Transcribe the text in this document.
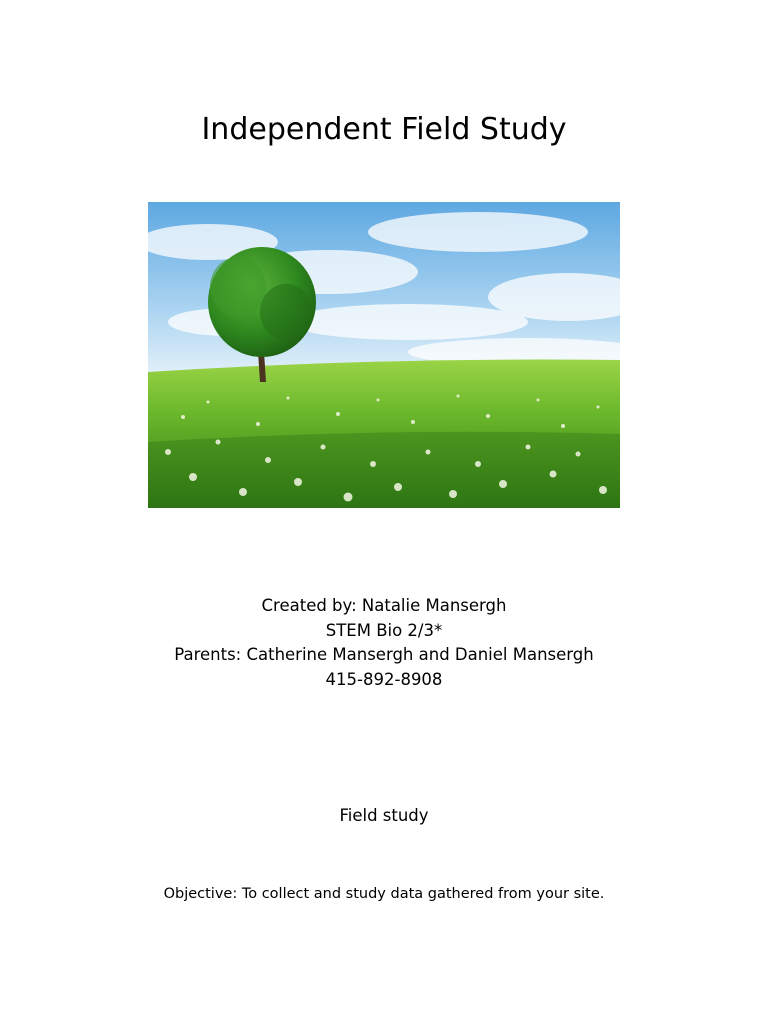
Independent Field Study
Created by: Natalie Mansergh
STEM Bio 2/3*
Parents: Catherine Mansergh and Daniel Mansergh
415-892-8908
Field study
Objective: To collect and study data gathered from your site.
